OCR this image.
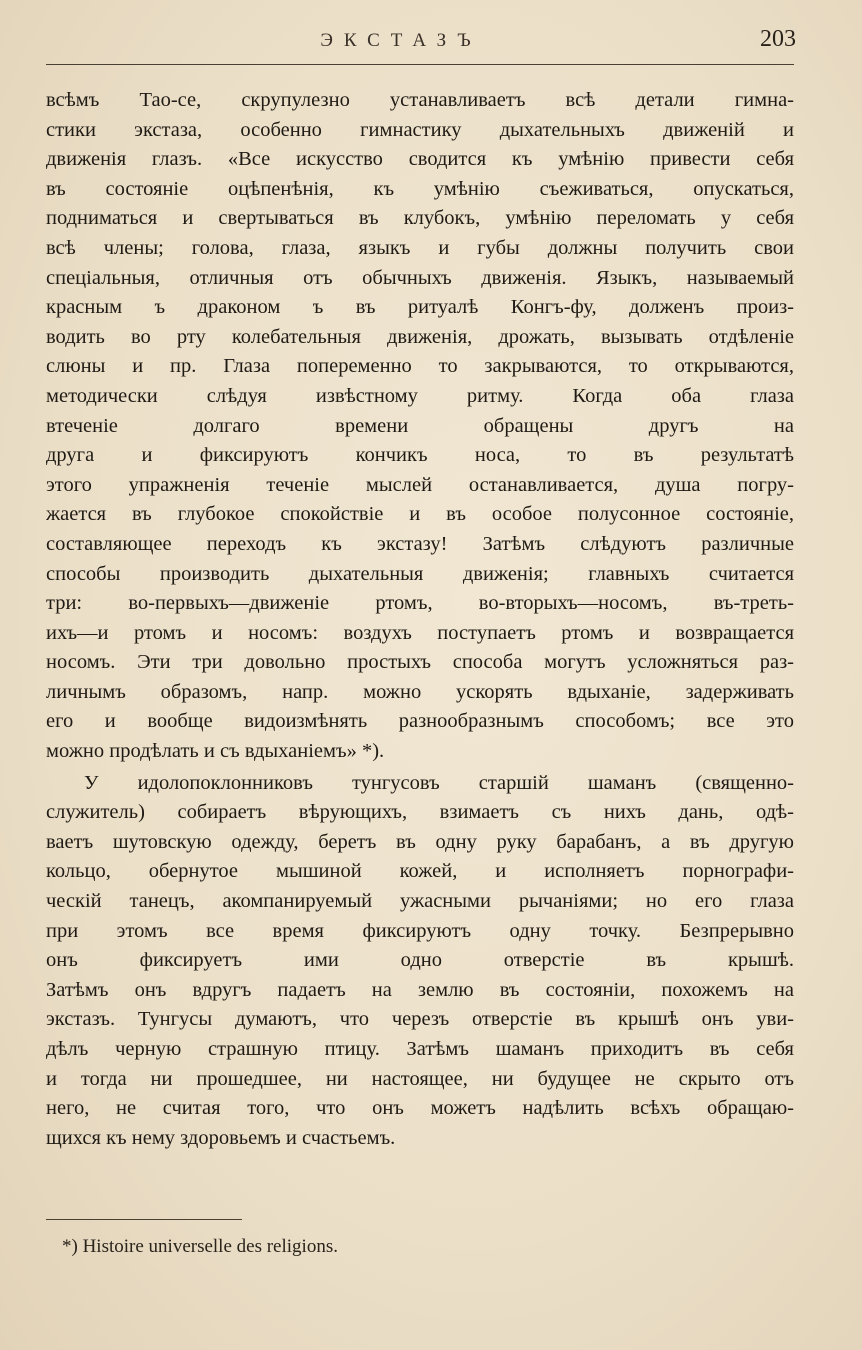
ЭКСТАЗЪ	203
всѣмъ Тао-се, скрупулезно устанавливаетъ всѣ детали гимна-
стики экстаза, особенно гимнастику дыхательныхъ движеній и
движенія глазъ. «Все искусство сводится къ умѣнію привести себя
въ состояніе оцѣпенѣнія, къ умѣнію съеживаться, опускаться,
подниматься и свертываться въ клубокъ, умѣнію переломать у себя
всѣ члены; голова, глаза, языкъ и губы должны получить свои
спеціальныя, отличныя отъ обычныхъ движенія. Языкъ, называемый
красным ъ драконом ъ въ ритуалѣ Конгъ-фу, долженъ произ-
водить во рту колебательныя движенія, дрожать, вызывать отдѣленіе
слюны и пр. Глаза попеременно то закрываются, то открываются,
методически слѣдуя извѣстному ритму. Когда оба глаза
втеченіе долгаго времени обращены другъ на
друга и фиксируютъ кончикъ носа, то въ результатѣ
этого упражненія теченіе мыслей останавливается, душа погру-
жается въ глубокое спокойствіе и въ особое полусонное состояніе,
составляющее переходъ къ экстазу! Затѣмъ слѣдуютъ различные
способы производить дыхательныя движенія; главныхъ считается
три: во-первыхъ—движеніе ртомъ, во-вторыхъ—носомъ, въ-треть-
ихъ—и ртомъ и носомъ: воздухъ поступаетъ ртомъ и возвращается
носомъ. Эти три довольно простыхъ способа могутъ усложняться раз-
личнымъ образомъ, напр. можно ускорять вдыханіе, задерживать
его и вообще видоизмѣнять разнообразнымъ способомъ; все это
можно продѣлать и съ вдыханіемъ» *).
У идолопоклонниковъ тунгусовъ старшій шаманъ (священно-
служитель) собираетъ вѣрующихъ, взимаетъ съ нихъ дань, одѣ-
ваетъ шутовскую одежду, беретъ въ одну руку барабанъ, а въ другую
кольцо, обернутое мышиной кожей, и исполняетъ порнографи-
ческій танецъ, акомпанируемый ужасными рычаніями; но его глаза
при этомъ все время фиксируютъ одну точку. Безпрерывно
онъ фиксируетъ ими одно отверстіе въ крышѣ.
Затѣмъ онъ вдругъ падаетъ на землю въ состояніи, похожемъ на
экстазъ. Тунгусы думаютъ, что черезъ отверстіе въ крышѣ онъ уви-
дѣлъ черную страшную птицу. Затѣмъ шаманъ приходитъ въ себя
и тогда ни прошедшее, ни настоящее, ни будущее не скрыто отъ
него, не считая того, что онъ можетъ надѣлить всѣхъ обращаю-
щихся къ нему здоровьемъ и счастьемъ.
*) Histoire universelle des religions.
